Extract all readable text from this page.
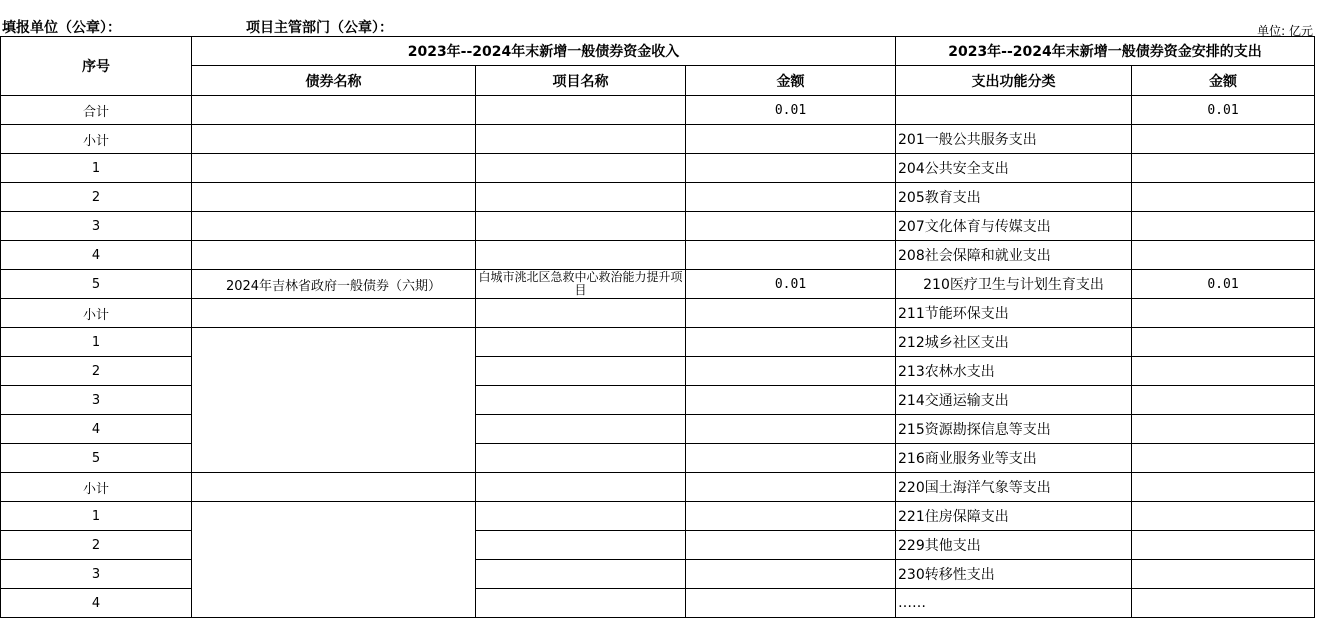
填报单位（公章）：	项目主管部门（公章）：	单位: 亿元
序号	2023年--2024年末新增一般债券资金收入			2023年--2024年末新增一般债券资金安排的支出	
	债券名称	项目名称	金额	支出功能分类	金额
合计			0.01		0.01
小计				201一般公共服务支出	
1				204公共安全支出	
2				205教育支出	
3				207文化体育与传媒支出	
4				208社会保障和就业支出	
5	2024年吉林省政府一般债券（六期）	白城市洮北区急救中心救治能力提升项目	0.01	210医疗卫生与计划生育支出	0.01
小计				211节能环保支出	
1				212城乡社区支出	
2				213农林水支出	
3				214交通运输支出	
4				215资源勘探信息等支出	
5				216商业服务业等支出	
小计				220国土海洋气象等支出	
1				221住房保障支出	
2				229其他支出	
3				230转移性支出	
4				……	
